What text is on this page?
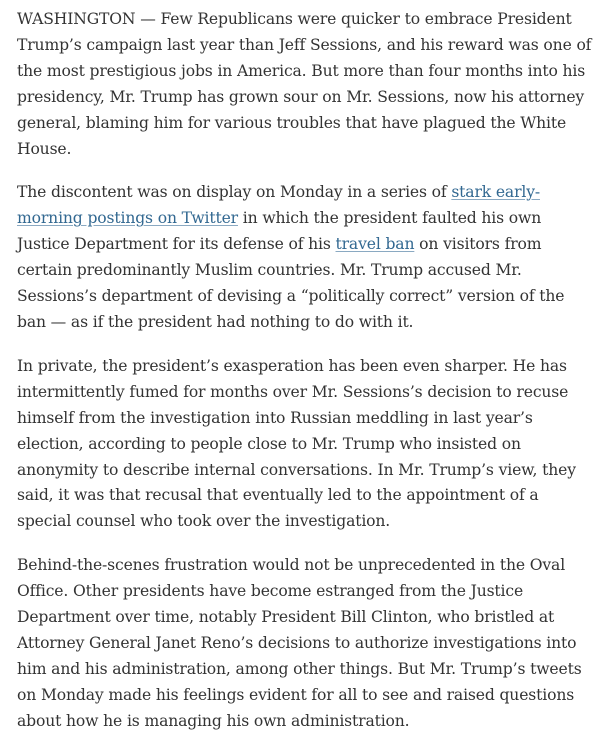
WASHINGTON — Few Republicans were quicker to embrace President Trump’s campaign last year than Jeff Sessions, and his reward was one of the most prestigious jobs in America. But more than four months into his presidency, Mr. Trump has grown sour on Mr. Sessions, now his attorney general, blaming him for various troubles that have plagued the White House.

The discontent was on display on Monday in a series of stark early-morning postings on Twitter in which the president faulted his own Justice Department for its defense of his travel ban on visitors from certain predominantly Muslim countries. Mr. Trump accused Mr. Sessions’s department of devising a “politically correct” version of the ban — as if the president had nothing to do with it.

In private, the president’s exasperation has been even sharper. He has intermittently fumed for months over Mr. Sessions’s decision to recuse himself from the investigation into Russian meddling in last year’s election, according to people close to Mr. Trump who insisted on anonymity to describe internal conversations. In Mr. Trump’s view, they said, it was that recusal that eventually led to the appointment of a special counsel who took over the investigation.

Behind-the-scenes frustration would not be unprecedented in the Oval Office. Other presidents have become estranged from the Justice Department over time, notably President Bill Clinton, who bristled at Attorney General Janet Reno’s decisions to authorize investigations into him and his administration, among other things. But Mr. Trump’s tweets on Monday made his feelings evident for all to see and raised questions about how he is managing his own administration.
